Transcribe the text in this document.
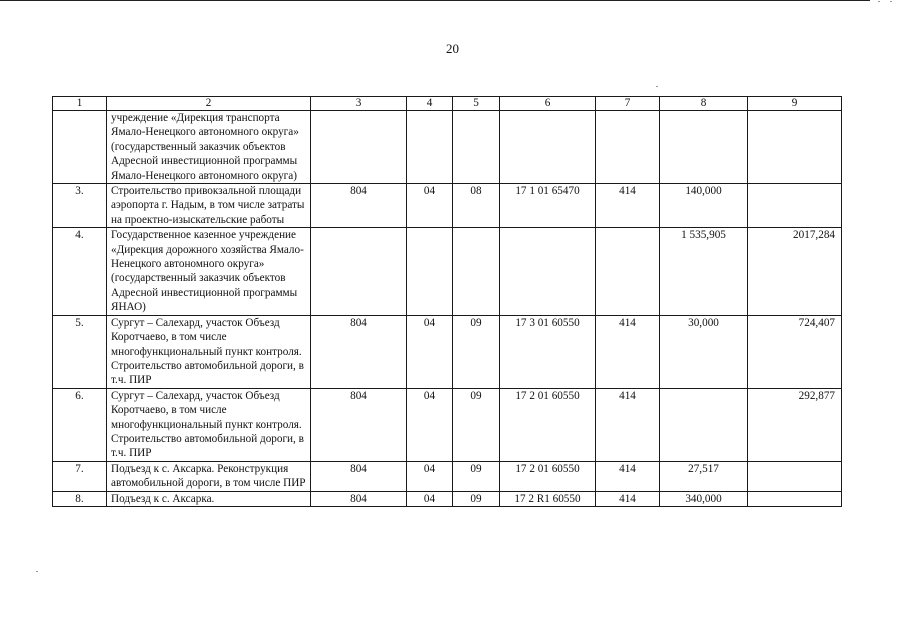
20
1	2	3	4	5	6	7	8	9
	учреждение «Дирекция транспорта Ямало-Ненецкого автономного округа» (государственный заказчик объектов Адресной инвестиционной программы Ямало-Ненецкого автономного округа)							
3.	Строительство привокзальной площади аэропорта г. Надым, в том числе затраты на проектно-изыскательские работы	804	04	08	17 1 01 65470	414	140,000	
4.	Государственное казенное учреждение «Дирекция дорожного хозяйства Ямало-Ненецкого автономного округа» (государственный заказчик объектов Адресной инвестиционной программы ЯНАО)						1 535,905	2017,284
5.	Сургут – Салехард, участок Объезд Коротчаево, в том числе многофункциональный пункт контроля. Строительство автомобильной дороги, в т.ч. ПИР	804	04	09	17 3 01 60550	414	30,000	724,407
6.	Сургут – Салехард, участок Объезд Коротчаево, в том числе многофункциональный пункт контроля. Строительство автомобильной дороги, в т.ч. ПИР	804	04	09	17 2 01 60550	414		292,877
7.	Подъезд к с. Аксарка. Реконструкция автомобильной дороги, в том числе ПИР	804	04	09	17 2 01 60550	414	27,517	
8.	Подъезд к с. Аксарка.	804	04	09	17 2 R1 60550	414	340,000	
